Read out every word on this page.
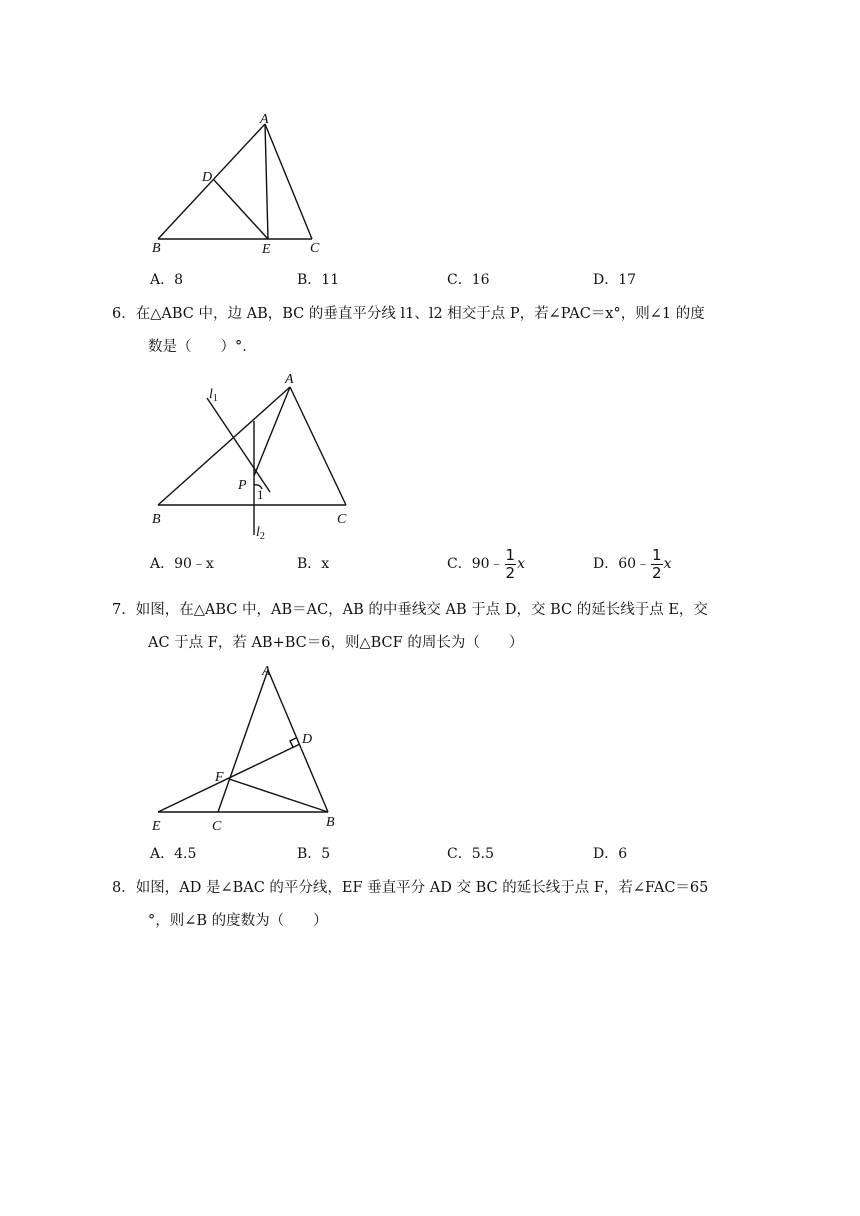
A
D
B	E	C
A．8	B．11	C．16	D．17
6．在△ABC 中，边 AB，BC 的垂直平分线 l1、l2 相交于点 P，若∠PAC＝x°，则∠1 的度
数是（　　）°．
$l_1$
A
P
1
B	C
$l_2$
A．90﹣x	B．x	C．90﹣ $\frac{1}{2}$ x	D．60﹣ $\frac{1}{2}$ x
7．如图，在△ABC 中，AB＝AC，AB 的中垂线交 AB 于点 D，交 BC 的延长线于点 E，交
AC 于点 F，若 AB+BC＝6，则△BCF 的周长为（　　）
A
D
F
E	C	B
A．4.5	B．5	C．5.5	D．6
8．如图，AD 是∠BAC 的平分线，EF 垂直平分 AD 交 BC 的延长线于点 F，若∠FAC＝65
°，则∠B 的度数为（　　）
